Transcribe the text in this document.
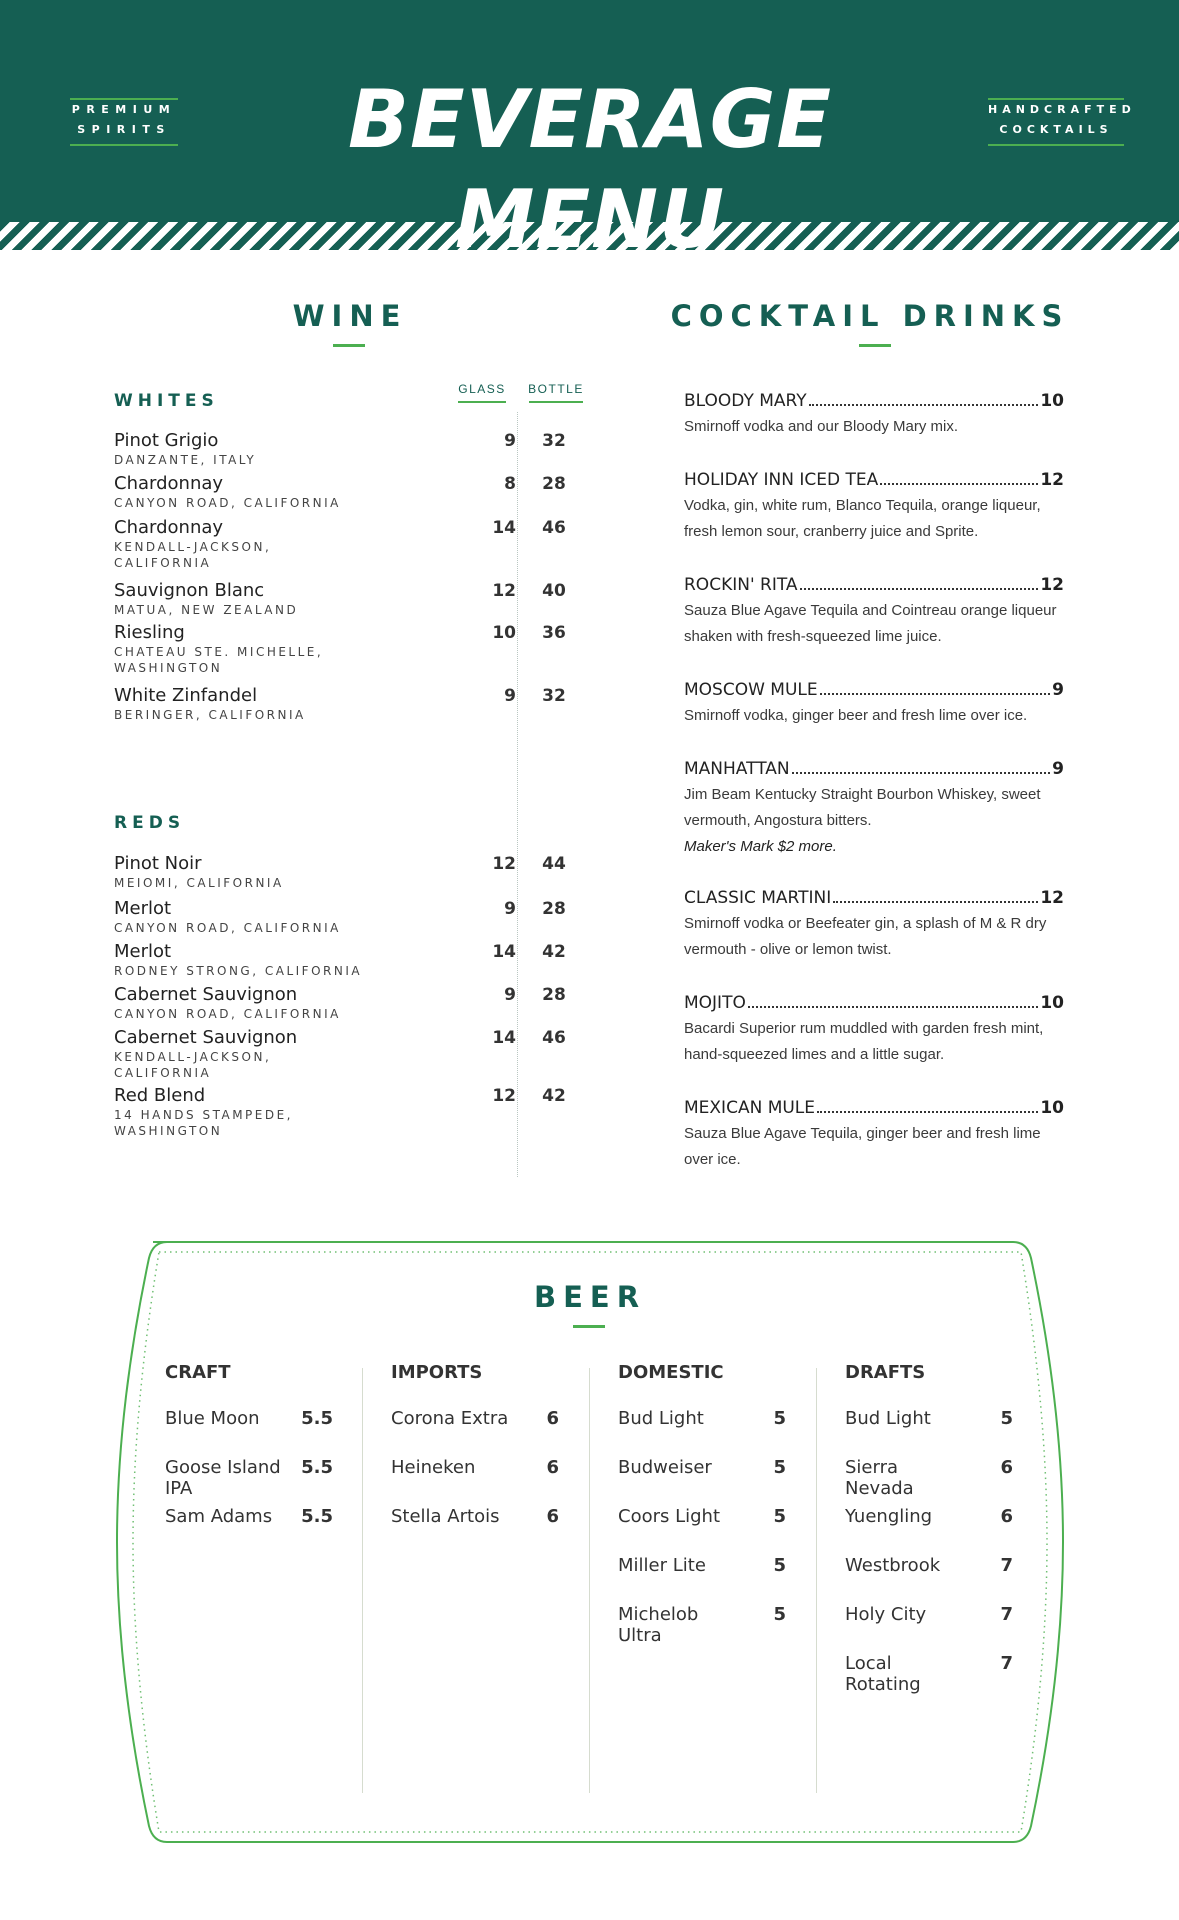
PREMIUM
SPIRITS	BEVERAGE MENU
HANDCRAFTED
COCKTAILS
WINE
WHITES
GLASS	BOTTLE
Pinot Grigio
DANZANTE, ITALY
9	32
Chardonnay
CANYON ROAD, CALIFORNIA
8	28
Chardonnay
KENDALL-JACKSON, CALIFORNIA
14	46
Sauvignon Blanc
MATUA, NEW ZEALAND
12	40
Riesling
CHATEAU STE. MICHELLE, WASHINGTON
10	36
White Zinfandel
BERINGER, CALIFORNIA
9	32
REDS
Pinot Noir
MEIOMI, CALIFORNIA
12	44
Merlot
CANYON ROAD, CALIFORNIA
9	28
Merlot
RODNEY STRONG, CALIFORNIA
14	42
Cabernet Sauvignon
CANYON ROAD, CALIFORNIA
9	28
Cabernet Sauvignon
KENDALL-JACKSON, CALIFORNIA
14	46
Red Blend
14 HANDS STAMPEDE, WASHINGTON
12	42
COCKTAIL DRINKS
BLOODY MARY	10
Smirnoff vodka and our Bloody Mary mix.
HOLIDAY INN ICED TEA	12
Vodka, gin, white rum, Blanco Tequila, orange liqueur, fresh lemon sour, cranberry juice and Sprite.
ROCKIN' RITA	12
Sauza Blue Agave Tequila and Cointreau orange liqueur shaken with fresh-squeezed lime juice.
MOSCOW MULE	9
Smirnoff vodka, ginger beer and fresh lime over ice.
MANHATTAN	9
Jim Beam Kentucky Straight Bourbon Whiskey, sweet vermouth, Angostura bitters.
Maker's Mark $2 more.
CLASSIC MARTINI	12
Smirnoff vodka or Beefeater gin, a splash of M & R dry vermouth - olive or lemon twist.
MOJITO	10
Bacardi Superior rum muddled with garden fresh mint, hand-squeezed limes and a little sugar.
MEXICAN MULE	10
Sauza Blue Agave Tequila, ginger beer and fresh lime over ice.
BEER
CRAFT
Blue Moon	5.5
Goose Island IPA
5.5
Sam Adams	5.5
IMPORTS
Corona Extra	6
Heineken	6
Stella Artois	6
DOMESTIC
Bud Light	5
Budweiser	5
Coors Light	5
Miller Lite	5
Michelob Ultra
5
DRAFTS
Bud Light	5
Sierra Nevada
6
Yuengling	6
Westbrook	7
Holy City	7
Local Rotating
7
